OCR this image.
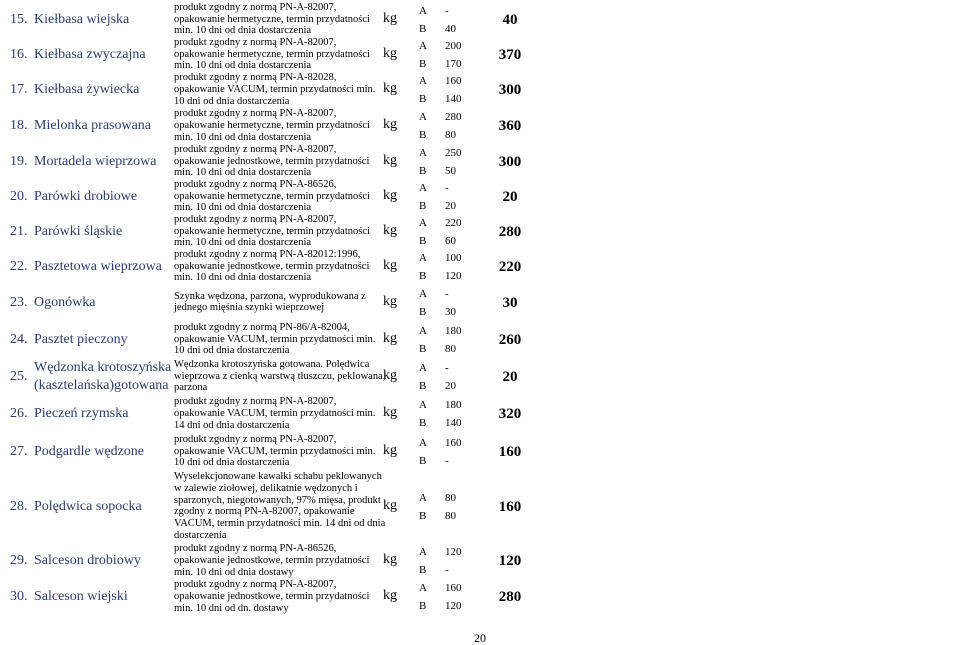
15. Kiełbasa wiejska
produkt zgodny z normą PN-A-82007,
opakowanie hermetyczne, termin przydatności
min. 10 dni od dnia dostarczenia
kg A -
B 40
40
16. Kiełbasa zwyczajna
produkt zgodny z normą PN-A-82007,
opakowanie hermetyczne, termin przydatności
min. 10 dni od dnia dostarczenia
kg A 200
B 170
370
17. Kiełbasa żywiecka
produkt zgodny z normą PN-A-82028,
opakowanie VACUM, termin przydatności min.
10 dni od dnia dostarczenia
kg A 160
B 140
300
18. Mielonka prasowana
produkt zgodny z normą PN-A-82007,
opakowanie hermetyczne, termin przydatności
min. 10 dni od dnia dostarczenia
kg A 280
B 80
360
19. Mortadela wieprzowa
produkt zgodny z normą PN-A-82007,
opakowanie jednostkowe, termin przydatności
min. 10 dni od dnia dostarczenia
kg A 250
B 50
300
20. Parówki drobiowe
produkt zgodny z normą PN-A-86526,
opakowanie hermetyczne, termin przydatności
min. 10 dni od dnia dostarczenia
kg A -
B 20
20
21. Parówki śląskie
produkt zgodny z normą PN-A-82007,
opakowanie hermetyczne, termin przydatności
min. 10 dni od dnia dostarczenia
kg A 220
B 60
280
22. Pasztetowa wieprzowa
produkt zgodny z normą PN-A-82012:1996,
opakowanie jednostkowe, termin przydatności
min. 10 dni od dnia dostarczenia
kg A 100
B 120
220
23. Ogonówka	Szynka wędzona, parzona, wyprodukowana z
jednego mięśnia szynki wieprzowej	kg A -
B 30
30
24. Pasztet pieczony
produkt zgodny z normą PN-86/A-82004,
opakowanie VACUM, termin przydatności min.
10 dni od dnia dostarczenia
kg A 180
B 80
260
25.
Wędzonka krotoszyńska
(kasztelańska)gotowana
Wędzonka krotoszyńska gotowana. Polędwica
wieprzowa z cienką warstwą tłuszczu, peklowana,
parzona
kg A -
B 20
20
26. Pieczeń rzymska
produkt zgodny z normą PN-A-82007,
opakowanie VACUM, termin przydatności min.
14 dni od dnia dostarczenia
kg A 180
B 140
320
27. Podgardle wędzone
produkt zgodny z normą PN-A-82007,
opakowanie VACUM, termin przydatności min.
10 dni od dnia dostarczenia
kg A 160
B -
160
28. Polędwica sopocka
Wyselekcjonowane kawałki schabu peklowanych
w zalewie ziołowej, delikatnie wędzonych i
sparzonych, niegotowanych, 97% mięsa, produkt
zgodny z normą PN-A-82007, opakowanie
VACUM, termin przydatności min. 14 dni od dnia
dostarczenia
kg A 80
B 80
160
29. Salceson drobiowy
produkt zgodny z normą PN-A-86526,
opakowanie jednostkowe, termin przydatności
min. 10 dni od dnia dostawy
kg A 120
B -
120
30. Salceson wiejski
produkt zgodny z normą PN-A-82007,
opakowanie jednostkowe, termin przydatności
min. 10 dni od dn. dostawy
kg A 160
B 120
280
20
